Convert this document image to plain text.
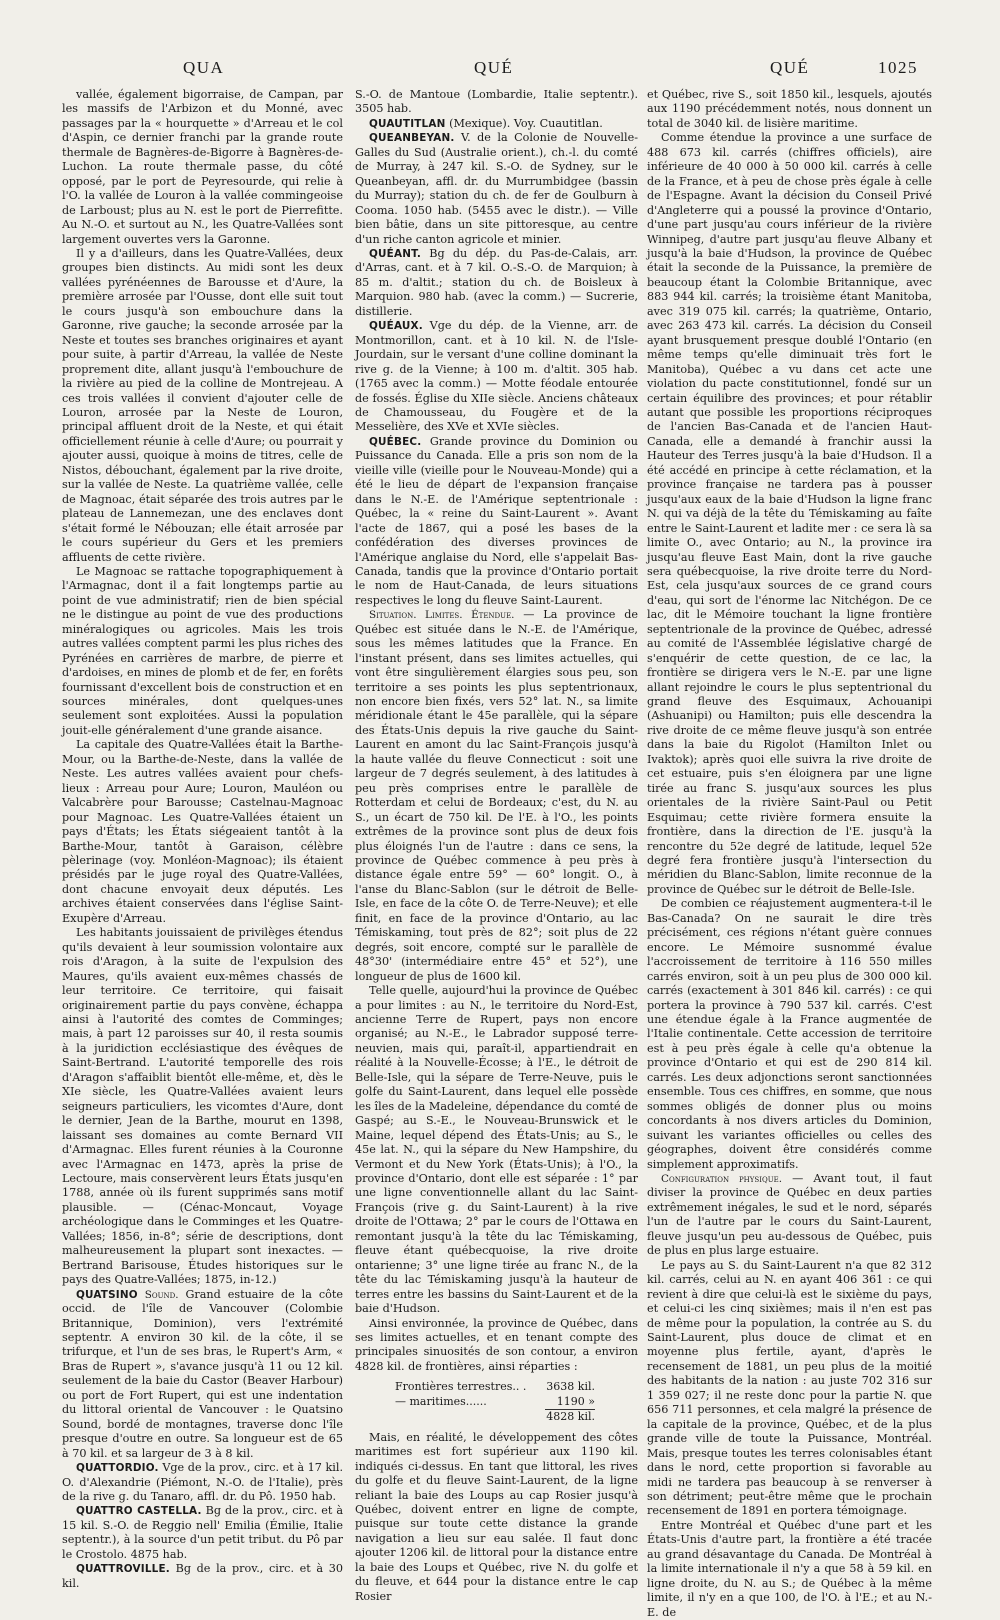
QUA	QUÉ	QUÉ	1025

vallée, également bigorraise, de Campan, par les massifs de l'Arbizon et du Monné, avec passages par la « hourquette » d'Arreau et le col d'Aspin, ce dernier franchi par la grande route thermale de Bagnères-de-Bigorre à Bagnères-de-Luchon. La route thermale passe, du côté opposé, par le port de Peyresourde, qui relie à l'O. la vallée de Louron à la vallée commingeoise de Larboust; plus au N. est le port de Pierrefitte. Au N.-O. et surtout au N., les Quatre-Vallées sont largement ouvertes vers la Garonne.

Il y a d'ailleurs, dans les Quatre-Vallées, deux groupes bien distincts. Au midi sont les deux vallées pyrénéennes de Barousse et d'Aure, la première arrosée par l'Ousse, dont elle suit tout le cours jusqu'à son embouchure dans la Garonne, rive gauche; la seconde arrosée par la Neste et toutes ses branches originaires et ayant pour suite, à partir d'Arreau, la vallée de Neste proprement dite, allant jusqu'à l'embouchure de la rivière au pied de la colline de Montrejeau. A ces trois vallées il convient d'ajouter celle de Louron, arrosée par la Neste de Louron, principal affluent droit de la Neste, et qui était officiellement réunie à celle d'Aure; ou pourrait y ajouter aussi, quoique à moins de titres, celle de Nistos, débouchant, également par la rive droite, sur la vallée de Neste. La quatrième vallée, celle de Magnoac, était séparée des trois autres par le plateau de Lannemezan, une des enclaves dont s'était formé le Nébouzan; elle était arrosée par le cours supérieur du Gers et les premiers affluents de cette rivière.

Le Magnoac se rattache topographiquement à l'Armagnac, dont il a fait longtemps partie au point de vue administratif; rien de bien spécial ne le distingue au point de vue des productions minéralogiques ou agricoles. Mais les trois autres vallées comptent parmi les plus riches des Pyrénées en carrières de marbre, de pierre et d'ardoises, en mines de plomb et de fer, en forêts fournissant d'excellent bois de construction et en sources minérales, dont quelques-unes seulement sont exploitées. Aussi la population jouit-elle généralement d'une grande aisance.

La capitale des Quatre-Vallées était la Barthe-Mour, ou la Barthe-de-Neste, dans la vallée de Neste. Les autres vallées avaient pour chefs-lieux : Arreau pour Aure; Louron, Mauléon ou Valcabrère pour Barousse; Castelnau-Magnoac pour Magnoac. Les Quatre-Vallées étaient un pays d'États; les États siégeaient tantôt à la Barthe-Mour, tantôt à Garaison, célèbre pèlerinage (voy. Monléon-Magnoac); ils étaient présidés par le juge royal des Quatre-Vallées, dont chacune envoyait deux députés. Les archives étaient conservées dans l'église Saint-Exupère d'Arreau.

Les habitants jouissaient de privilèges étendus qu'ils devaient à leur soumission volontaire aux rois d'Aragon, à la suite de l'expulsion des Maures, qu'ils avaient eux-mêmes chassés de leur territoire. Ce territoire, qui faisait originairement partie du pays convène, échappa ainsi à l'autorité des comtes de Comminges; mais, à part 12 paroisses sur 40, il resta soumis à la juridiction ecclésiastique des évêques de Saint-Bertrand. L'autorité temporelle des rois d'Aragon s'affaiblit bientôt elle-même, et, dès le XIe siècle, les Quatre-Vallées avaient leurs seigneurs particuliers, les vicomtes d'Aure, dont le dernier, Jean de la Barthe, mourut en 1398, laissant ses domaines au comte Bernard VII d'Armagnac. Elles furent réunies à la Couronne avec l'Armagnac en 1473, après la prise de Lectoure, mais conservèrent leurs États jusqu'en 1788, année où ils furent supprimés sans motif plausible. — (Cénac-Moncaut, Voyage archéologique dans le Comminges et les Quatre-Vallées; 1856, in-8°; série de descriptions, dont malheureusement la plupart sont inexactes. — Bertrand Barisouse, Études historiques sur le pays des Quatre-Vallées; 1875, in-12.)

QUATSINO Sound. Grand estuaire de la côte occid. de l'île de Vancouver (Colombie Britannique, Dominion), vers l'extrémité septentr. A environ 30 kil. de la côte, il se trifurque, et l'un de ses bras, le Rupert's Arm, « Bras de Rupert », s'avance jusqu'à 11 ou 12 kil. seulement de la baie du Castor (Beaver Harbour) ou port de Fort Rupert, qui est une indentation du littoral oriental de Vancouver : le Quatsino Sound, bordé de montagnes, traverse donc l'île presque d'outre en outre. Sa longueur est de 65 à 70 kil. et sa largeur de 3 à 8 kil.

QUATTORDIO. Vge de la prov., circ. et à 17 kil. O. d'Alexandrie (Piémont, N.-O. de l'Italie), près de la rive g. du Tanaro, affl. dr. du Pô. 1950 hab.

QUATTRO CASTELLA. Bg de la prov., circ. et à 15 kil. S.-O. de Reggio nell' Emilia (Émilie, Italie septentr.), à la source d'un petit tribut. du Pô par le Crostolo. 4875 hab.

QUATTROVILLE. Bg de la prov., circ. et à 30 kil.

S.-O. de Mantoue (Lombardie, Italie septentr.). 3505 hab.

QUAUTITLAN (Mexique). Voy. Cuautitlan.

QUEANBEYAN. V. de la Colonie de Nouvelle-Galles du Sud (Australie orient.), ch.-l. du comté de Murray, à 247 kil. S.-O. de Sydney, sur le Queanbeyan, affl. dr. du Murrumbidgee (bassin du Murray); station du ch. de fer de Goulburn à Cooma. 1050 hab. (5455 avec le distr.). — Ville bien bâtie, dans un site pittoresque, au centre d'un riche canton agricole et minier.

QUÉANT. Bg du dép. du Pas-de-Calais, arr. d'Arras, cant. et à 7 kil. O.-S.-O. de Marquion; à 85 m. d'altit.; station du ch. de Boisleux à Marquion. 980 hab. (avec la comm.) — Sucrerie, distillerie.

QUÉAUX. Vge du dép. de la Vienne, arr. de Montmorillon, cant. et à 10 kil. N. de l'Isle-Jourdain, sur le versant d'une colline dominant la rive g. de la Vienne; à 100 m. d'altit. 305 hab. (1765 avec la comm.) — Motte féodale entourée de fossés. Église du XIIe siècle. Anciens châteaux de Chamousseau, du Fougère et de la Messelière, des XVe et XVIe siècles.

QUÉBEC. Grande province du Dominion ou Puissance du Canada. Elle a pris son nom de la vieille ville (vieille pour le Nouveau-Monde) qui a été le lieu de départ de l'expansion française dans le N.-E. de l'Amérique septentrionale : Québec, la « reine du Saint-Laurent ». Avant l'acte de 1867, qui a posé les bases de la confédération des diverses provinces de l'Amérique anglaise du Nord, elle s'appelait Bas-Canada, tandis que la province d'Ontario portait le nom de Haut-Canada, de leurs situations respectives le long du fleuve Saint-Laurent.

Situation. Limites. Étendue. — La province de Québec est située dans le N.-E. de l'Amérique, sous les mêmes latitudes que la France. En l'instant présent, dans ses limites actuelles, qui vont être singulièrement élargies sous peu, son territoire a ses points les plus septentrionaux, non encore bien fixés, vers 52° lat. N., sa limite méridionale étant le 45e parallèle, qui la sépare des États-Unis depuis la rive gauche du Saint-Laurent en amont du lac Saint-François jusqu'à la haute vallée du fleuve Connecticut : soit une largeur de 7 degrés seulement, à des latitudes à peu près comprises entre le parallèle de Rotterdam et celui de Bordeaux; c'est, du N. au S., un écart de 750 kil. De l'E. à l'O., les points extrêmes de la province sont plus de deux fois plus éloignés l'un de l'autre : dans ce sens, la province de Québec commence à peu près à distance égale entre 59° — 60° longit. O., à l'anse du Blanc-Sablon (sur le détroit de Belle-Isle, en face de la côte O. de Terre-Neuve); et elle finit, en face de la province d'Ontario, au lac Témiskaming, tout près de 82°; soit plus de 22 degrés, soit encore, compté sur le parallèle de 48°30' (intermédiaire entre 45° et 52°), une longueur de plus de 1600 kil.

Telle quelle, aujourd'hui la province de Québec a pour limites : au N., le territoire du Nord-Est, ancienne Terre de Rupert, pays non encore organisé; au N.-E., le Labrador supposé terre-neuvien, mais qui, paraît-il, appartiendrait en réalité à la Nouvelle-Écosse; à l'E., le détroit de Belle-Isle, qui la sépare de Terre-Neuve, puis le golfe du Saint-Laurent, dans lequel elle possède les îles de la Madeleine, dépendance du comté de Gaspé; au S.-E., le Nouveau-Brunswick et le Maine, lequel dépend des États-Unis; au S., le 45e lat. N., qui la sépare du New Hampshire, du Vermont et du New York (États-Unis); à l'O., la province d'Ontario, dont elle est séparée : 1° par une ligne conventionnelle allant du lac Saint-François (rive g. du Saint-Laurent) à la rive droite de l'Ottawa; 2° par le cours de l'Ottawa en remontant jusqu'à la tête du lac Témiskaming, fleuve étant québecquoise, la rive droite ontarienne; 3° une ligne tirée au franc N., de la tête du lac Témiskaming jusqu'à la hauteur de terres entre les bassins du Saint-Laurent et de la baie d'Hudson.

Ainsi environnée, la province de Québec, dans ses limites actuelles, et en tenant compte des principales sinuosités de son contour, a environ 4828 kil. de frontières, ainsi réparties :

Frontières terrestres.. . 3638 kil.
— maritimes......	1190 »
4828 kil.

Mais, en réalité, le développement des côtes maritimes est fort supérieur aux 1190 kil. indiqués ci-dessus. En tant que littoral, les rives du golfe et du fleuve Saint-Laurent, de la ligne reliant la baie des Loups au cap Rosier jusqu'à Québec, doivent entrer en ligne de compte, puisque sur toute cette distance la grande navigation a lieu sur eau salée. Il faut donc ajouter 1206 kil. de littoral pour la distance entre la baie des Loups et Québec, rive N. du golfe et du fleuve, et 644 pour la distance entre le cap Rosier

et Québec, rive S., soit 1850 kil., lesquels, ajoutés aux 1190 précédemment notés, nous donnent un total de 3040 kil. de lisière maritime.

Comme étendue la province a une surface de 488 673 kil. carrés (chiffres officiels), aire inférieure de 40 000 à 50 000 kil. carrés à celle de la France, et à peu de chose près égale à celle de l'Espagne. Avant la décision du Conseil Privé d'Angleterre qui a poussé la province d'Ontario, d'une part jusqu'au cours inférieur de la rivière Winnipeg, d'autre part jusqu'au fleuve Albany et jusqu'à la baie d'Hudson, la province de Québec était la seconde de la Puissance, la première de beaucoup étant la Colombie Britannique, avec 883 944 kil. carrés; la troisième étant Manitoba, avec 319 075 kil. carrés; la quatrième, Ontario, avec 263 473 kil. carrés. La décision du Conseil ayant brusquement presque doublé l'Ontario (en même temps qu'elle diminuait très fort le Manitoba), Québec a vu dans cet acte une violation du pacte constitutionnel, fondé sur un certain équilibre des provinces; et pour rétablir autant que possible les proportions réciproques de l'ancien Bas-Canada et de l'ancien Haut-Canada, elle a demandé à franchir aussi la Hauteur des Terres jusqu'à la baie d'Hudson. Il a été accédé en principe à cette réclamation, et la province française ne tardera pas à pousser jusqu'aux eaux de la baie d'Hudson la ligne franc N. qui va déjà de la tête du Témiskaming au faîte entre le Saint-Laurent et ladite mer : ce sera là sa limite O., avec Ontario; au N., la province ira jusqu'au fleuve East Main, dont la rive gauche sera québecquoise, la rive droite terre du Nord-Est, cela jusqu'aux sources de ce grand cours d'eau, qui sort de l'énorme lac Nitchégon. De ce lac, dit le Mémoire touchant la ligne frontière septentrionale de la province de Québec, adressé au comité de l'Assemblée législative chargé de s'enquérir de cette question, de ce lac, la frontière se dirigera vers le N.-E. par une ligne allant rejoindre le cours le plus septentrional du grand fleuve des Esquimaux, Achouanipi (Ashuanipi) ou Hamilton; puis elle descendra la rive droite de ce même fleuve jusqu'à son entrée dans la baie du Rigolot (Hamilton Inlet ou Ivaktok); après quoi elle suivra la rive droite de cet estuaire, puis s'en éloignera par une ligne tirée au franc S. jusqu'aux sources les plus orientales de la rivière Saint-Paul ou Petit Esquimau; cette rivière formera ensuite la frontière, dans la direction de l'E. jusqu'à la rencontre du 52e degré de latitude, lequel 52e degré fera frontière jusqu'à l'intersection du méridien du Blanc-Sablon, limite reconnue de la province de Québec sur le détroit de Belle-Isle.

De combien ce réajustement augmentera-t-il le Bas-Canada? On ne saurait le dire très précisément, ces régions n'étant guère connues encore. Le Mémoire susnommé évalue l'accroissement de territoire à 116 550 milles carrés environ, soit à un peu plus de 300 000 kil. carrés (exactement à 301 846 kil. carrés) : ce qui portera la province à 790 537 kil. carrés. C'est une étendue égale à la France augmentée de l'Italie continentale. Cette accession de territoire est à peu près égale à celle qu'a obtenue la province d'Ontario et qui est de 290 814 kil. carrés. Les deux adjonctions seront sanctionnées ensemble. Tous ces chiffres, en somme, que nous sommes obligés de donner plus ou moins concordants à nos divers articles du Dominion, suivant les variantes officielles ou celles des géographes, doivent être considérés comme simplement approximatifs.

Configuration physique. — Avant tout, il faut diviser la province de Québec en deux parties extrêmement inégales, le sud et le nord, séparés l'un de l'autre par le cours du Saint-Laurent, fleuve jusqu'un peu au-dessous de Québec, puis de plus en plus large estuaire.

Le pays au S. du Saint-Laurent n'a que 82 312 kil. carrés, celui au N. en ayant 406 361 : ce qui revient à dire que celui-là est le sixième du pays, et celui-ci les cinq sixièmes; mais il n'en est pas de même pour la population, la contrée au S. du Saint-Laurent, plus douce de climat et en moyenne plus fertile, ayant, d'après le recensement de 1881, un peu plus de la moitié des habitants de la nation : au juste 702 316 sur 1 359 027; il ne reste donc pour la partie N. que 656 711 personnes, et cela malgré la présence de la capitale de la province, Québec, et de la plus grande ville de toute la Puissance, Montréal. Mais, presque toutes les terres colonisables étant dans le nord, cette proportion si favorable au midi ne tardera pas beaucoup à se renverser à son détriment; peut-être même que le prochain recensement de 1891 en portera témoignage.

Entre Montréal et Québec d'une part et les États-Unis d'autre part, la frontière a été tracée au grand désavantage du Canada. De Montréal à la limite internationale il n'y a que 58 à 59 kil. en ligne droite, du N. au S.; de Québec à la même limite, il n'y en a que 100, de l'O. à l'E.; et au N.-E. de
